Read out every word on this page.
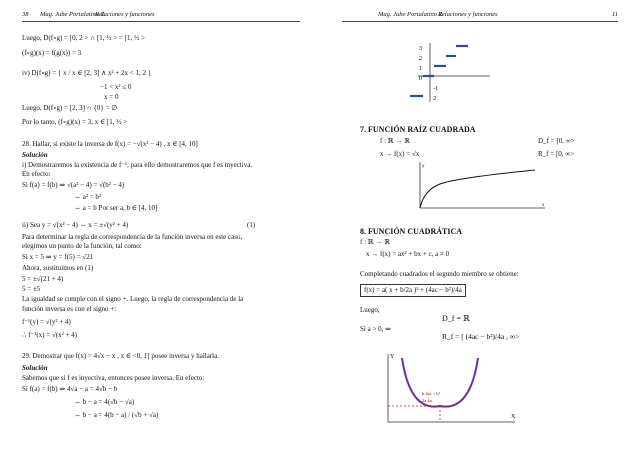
38 Mag. Jube Portalatino Z.
Relaciones y funciones
Luego, D(f∘g) = [0, 2 > ∩ [1, ½ > = [1, ½ >
(f∘g)(x) = f(g(x)) = 3
iv) D(f∘g) = { x / x ∈ [2, 3] ∧ x² + 2x < 1, 2 }
−1 < x² ≤ 0
x = 0
Luego, D(f∘g) = [2, 3] ∩ {0} = ∅
Por lo tanto, (f∘g)(x) = 3, x ∈ [1, ½ >
28. Hallar, si existe la inversa de f(x) = −√(x² − 4) , x ∈ [4, 10]
Solución
i) Demostraremos la existencia de f⁻¹, para ello demostraremos que f es inyectiva.
En efecto:
Si f(a) = f(b) ⇒ √(a² − 4) = √(b² − 4)
⇔ a² = b²
⇔ a = b Por ser a, b ∈ [4, 10]
ii) Sea y = √(x² − 4) ⇔ x = ±√(y² + 4)	(1)
Para determinar la regla de correspondencia de la función inversa en este caso,
elegimos un punto de la función, tal como:
Si x = 5 ⇒ y = f(5) = √21
Ahora, sustituimos en (1)
5 = ±√(21 + 4)
5 = ±5
La igualdad se cumple con el signo +. Luego, la regla de correspondencia de la
función inversa es con el signo +:
f⁻¹(y) = √(y² + 4)
∴ f⁻¹(x) = √(x² + 4)
29. Demostrar que f(x) = 4√x − x , x ∈ <0, 1] posee inversa y hallarla.
Solución
Sabemos que si f es inyectiva, entonces posee inversa. En efecto:
Si f(a) = f(b) ⇒ 4√a − a = 4√b − b
⇔ b − a = 4(√b − √a)
⇔ b − a = 4(b − a) / (√b + √a)
Mag. Jube Portalatino Z.
Relaciones y funciones	11
3
2
1
0
-1
2
7. FUNCIÓN RAÍZ CUADRADA
f : ℝ → ℝ
x → f(x) = √x
D_f = [0, ∞>
R_f = [0, ∞>
y
x
8. FUNCIÓN CUADRÁTICA
f : ℝ → ℝ
x → f(x) = ax² + bx + c, a ≠ 0
Completando cuadrados el segundo miembro se obtiene:
f(x) = a( x + b/2a )² + (4ac − b²)/4a
Luego,
D_f = ℝ
Si a > 0, ⇒
R_f = [ (4ac − b²)/4a , ∞>
Y
X
b 4ac − b²
2a 4a
